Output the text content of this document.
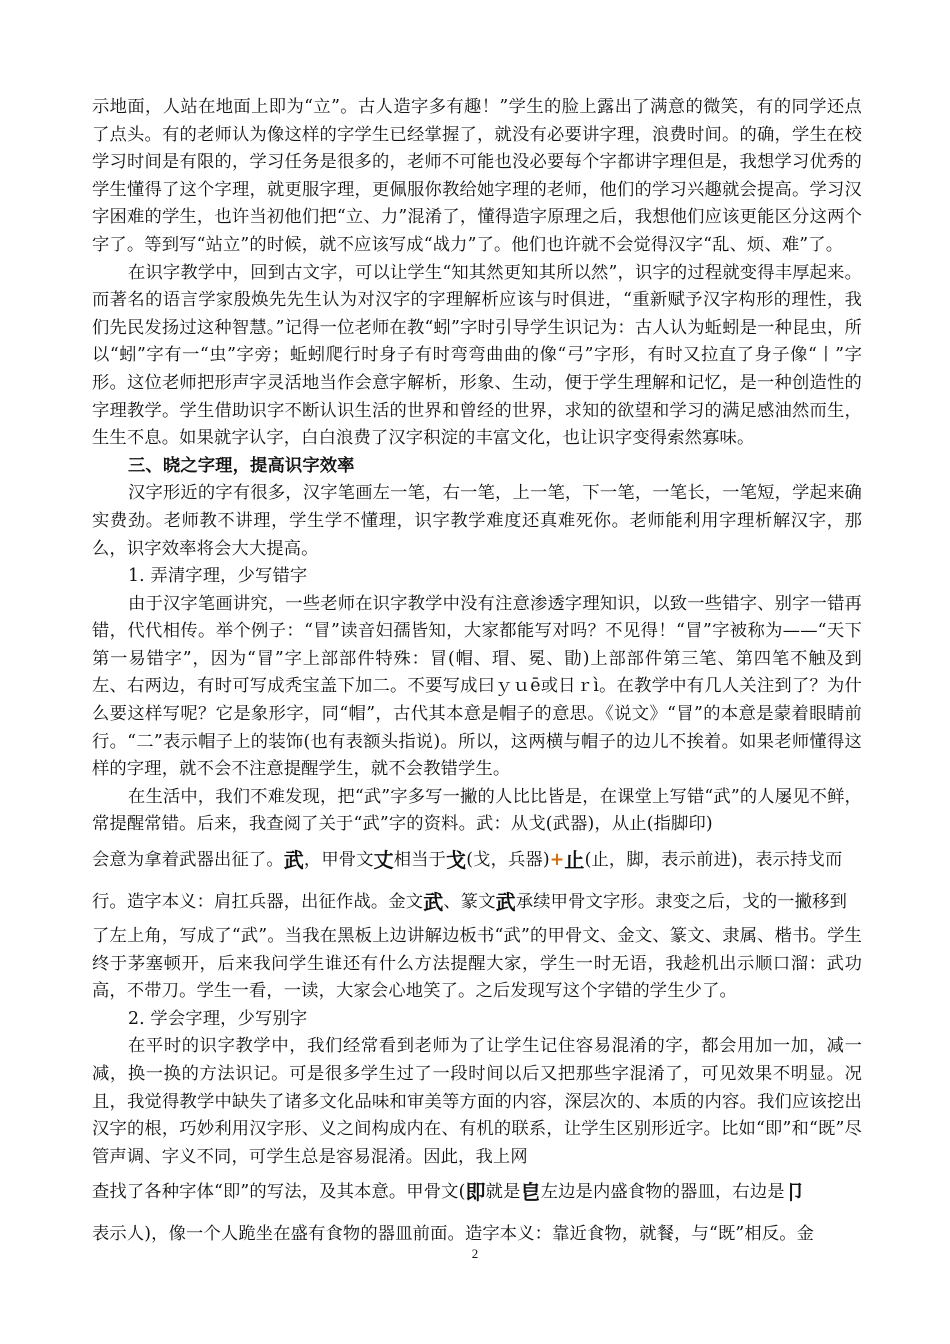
示地面，人站在地面上即为“立”。古人造字多有趣！”学生的脸上露出了满意的微笑，有的同学还点了点头。有的老师认为像这样的字学生已经掌握了，就没有必要讲字理，浪费时间。的确，学生在校学习时间是有限的，学习任务是很多的，老师不可能也没必要每个字都讲字理但是，我想学习优秀的学生懂得了这个字理，就更服字理，更佩服你教给她字理的老师，他们的学习兴趣就会提高。学习汉字困难的学生，也许当初他们把“立、力”混淆了，懂得造字原理之后，我想他们应该更能区分这两个字了。等到写“站立”的时候，就不应该写成“战力”了。他们也许就不会觉得汉字“乱、烦、难”了。

在识字教学中，回到古文字，可以让学生“知其然更知其所以然”，识字的过程就变得丰厚起来。而著名的语言学家殷焕先先生认为对汉字的字理解析应该与时俱进，“重新赋予汉字构形的理性，我们先民发扬过这种智慧。”记得一位老师在教“蚓”字时引导学生识记为：古人认为蚯蚓是一种昆虫，所以“蚓”字有一“虫”字旁；蚯蚓爬行时身子有时弯弯曲曲的像“弓”字形，有时又拉直了身子像“丨”字形。这位老师把形声字灵活地当作会意字解析，形象、生动，便于学生理解和记忆，是一种创造性的字理教学。学生借助识字不断认识生活的世界和曾经的世界，求知的欲望和学习的满足感油然而生，生生不息。如果就字认字，白白浪费了汉字积淀的丰富文化，也让识字变得索然寡味。

三、晓之字理，提高识字效率

汉字形近的字有很多，汉字笔画左一笔，右一笔，上一笔，下一笔，一笔长，一笔短，学起来确实费劲。老师教不讲理，学生学不懂理，识字教学难度还真难死你。老师能利用字理析解汉字，那么，识字效率将会大大提高。

1. 弄清字理，少写错字

由于汉字笔画讲究，一些老师在识字教学中没有注意渗透字理知识，以致一些错字、别字一错再错，代代相传。举个例子：“冒”读音妇孺皆知，大家都能写对吗？不见得！“冒”字被称为——“天下第一易错字”，因为“冒”字上部部件特殊：冒(帽、瑁、冕、勖)上部部件第三笔、第四笔不触及到左、右两边，有时可写成秃宝盖下加二。不要写成曰ｙｕē或日ｒì。在教学中有几人关注到了？为什么要这样写呢？它是象形字，同“帽”，古代其本意是帽子的意思。《说文》“冒”的本意是蒙着眼睛前行。“二”表示帽子上的装饰(也有表额头指说)。所以，这两横与帽子的边儿不挨着。如果老师懂得这样的字理，就不会不注意提醒学生，就不会教错学生。

在生活中，我们不难发现，把“武”字多写一撇的人比比皆是，在课堂上写错“武”的人屡见不鲜，常提醒常错。后来，我查阅了关于“武”字的资料。武：从戈(武器)，从止(指脚印)

会意为拿着武器出征了。武，甲骨文丈相当于戈(戈，兵器)+止(止，脚，表示前进)，表示持戈而

行。造字本义：肩扛兵器，出征作战。金文武、篆文武承续甲骨文字形。隶变之后，戈的一撇移到

了左上角，写成了“武”。当我在黑板上边讲解边板书“武”的甲骨文、金文、篆文、隶属、楷书。学生终于茅塞顿开，后来我问学生谁还有什么方法提醒大家，学生一时无语，我趁机出示顺口溜：武功高，不带刀。学生一看，一读，大家会心地笑了。之后发现写这个字错的学生少了。

2. 学会字理，少写别字

在平时的识字教学中，我们经常看到老师为了让学生记住容易混淆的字，都会用加一加，减一减，换一换的方法识记。可是很多学生过了一段时间以后又把那些字混淆了，可见效果不明显。况且，我觉得教学中缺失了诸多文化品味和审美等方面的内容，深层次的、本质的内容。我们应该挖出汉字的根，巧妙利用汉字形、义之间构成内在、有机的联系，让学生区别形近字。比如“即”和“既”尽管声调、字义不同，可学生总是容易混淆。因此，我上网

查找了各种字体“即”的写法，及其本意。甲骨文(即就是皀左边是内盛食物的器皿，右边是卩

表示人)，像一个人跪坐在盛有食物的器皿前面。造字本义：靠近食物，就餐，与“既”相反。金

2
